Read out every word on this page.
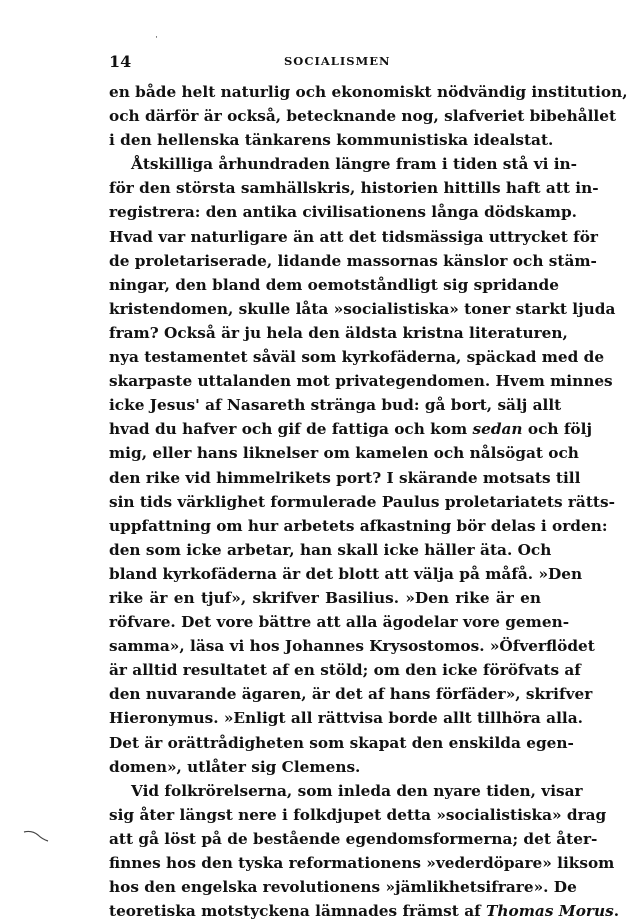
˙
14	SOCIALISMEN
en både helt naturlig och ekonomiskt nödvändig institution,
och därför är också, betecknande nog, slafveriet bibehållet
i den hellenska tänkarens kommunistiska idealstat.
Åtskilliga århundraden längre fram i tiden stå vi in-
för den största samhällskris, historien hittills haft att in-
registrera: den antika civilisationens långa dödskamp.
Hvad var naturligare än att det tidsmässiga uttrycket för
de proletariserade, lidande massornas känslor och stäm-
ningar, den bland dem oemotståndligt sig spridande
kristendomen, skulle låta »socialistiska» toner starkt ljuda
fram? Också är ju hela den äldsta kristna literaturen,
nya testamentet såväl som kyrkofäderna, späckad med de
skarpaste uttalanden mot privategendomen. Hvem minnes
icke Jesus' af Nasareth stränga bud: gå bort, sälj allt
hvad du hafver och gif de fattiga och kom sedan och följ
mig, eller hans liknelser om kamelen och nålsögat och
den rike vid himmelrikets port? I skärande motsats till
sin tids värklighet formulerade Paulus proletariatets rätts-
uppfattning om hur arbetets afkastning bör delas i orden:
den som icke arbetar, han skall icke häller äta. Och
bland kyrkofäderna är det blott att välja på måfå. »Den
rike är en tjuf», skrifver Basilius. »Den rike är en
röfvare. Det vore bättre att alla ägodelar vore gemen-
samma», läsa vi hos Johannes Krysostomos. »Öfverflödet
är alltid resultatet af en stöld; om den icke föröfvats af
den nuvarande ägaren, är det af hans förfäder», skrifver
Hieronymus. »Enligt all rättvisa borde allt tillhöra alla.
Det är orättrådigheten som skapat den enskilda egen-
domen», utlåter sig Clemens.
Vid folkrörelserna, som inleda den nyare tiden, visar
sig åter längst nere i folkdjupet detta »socialistiska» drag
att gå löst på de bestående egendomsformerna; det åter-
finnes hos den tyska reformationens »vederdöpare» liksom
hos den engelska revolutionens »jämlikhetsifrare». De
teoretiska motstyckena lämnades främst af Thomas Morus.
